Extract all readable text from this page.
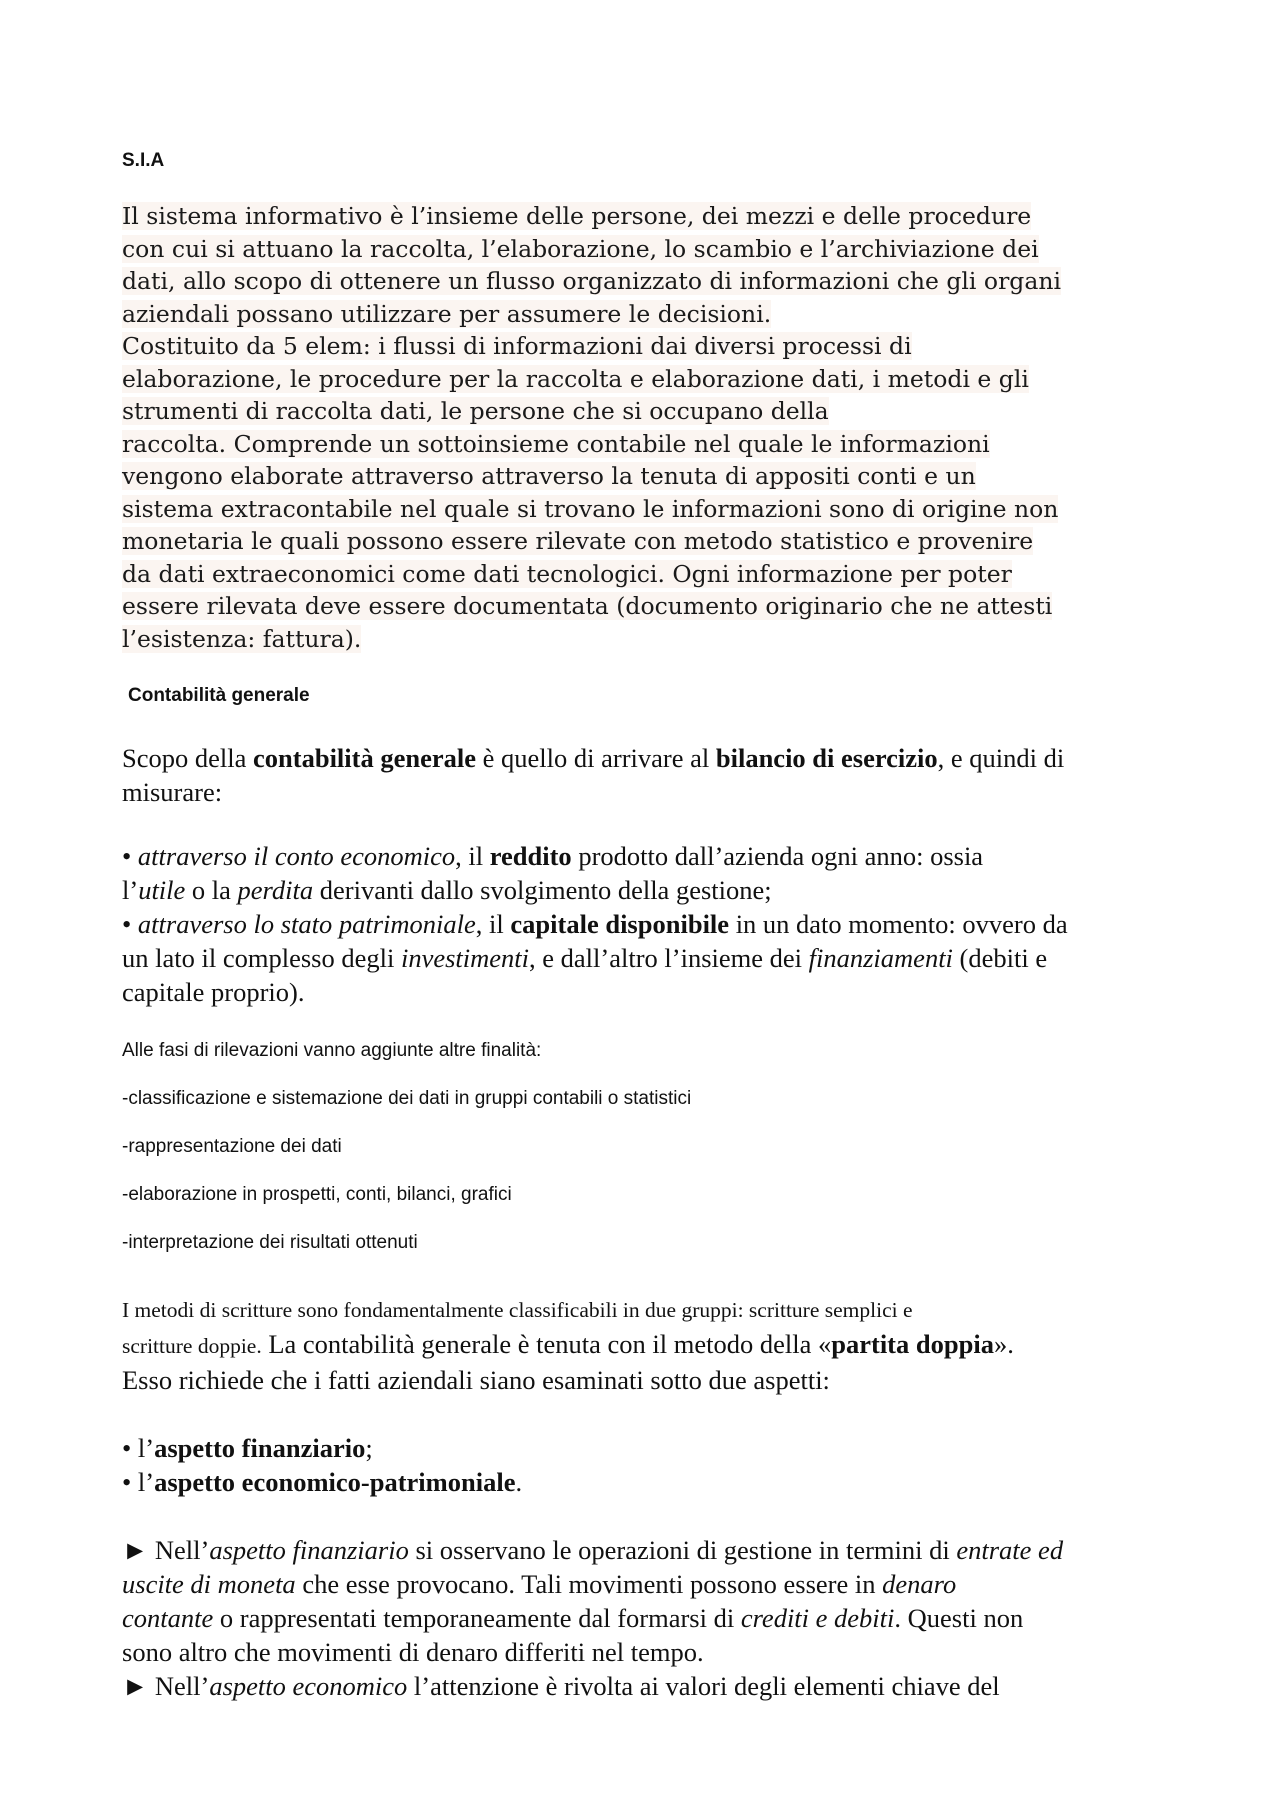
S.I.A
Il sistema informativo è l’insieme delle persone, dei mezzi e delle procedure
con cui si attuano la raccolta, l’elaborazione, lo scambio e l’archiviazione dei
dati, allo scopo di ottenere un flusso organizzato di informazioni che gli organi
aziendali possano utilizzare per assumere le decisioni.
Costituito da 5 elem: i flussi di informazioni dai diversi processi di
elaborazione, le procedure per la raccolta e elaborazione dati, i metodi e gli
strumenti di raccolta dati, le persone che si occupano della
raccolta. Comprende un sottoinsieme contabile nel quale le informazioni
vengono elaborate attraverso attraverso la tenuta di appositi conti e un
sistema extracontabile nel quale si trovano le informazioni sono di origine non
monetaria le quali possono essere rilevate con metodo statistico e provenire
da dati extraeconomici come dati tecnologici. Ogni informazione per poter
essere rilevata deve essere documentata (documento originario che ne attesti
l’esistenza: fattura).
Contabilità generale
Scopo della contabilità generale è quello di arrivare al bilancio di esercizio, e quindi di
misurare:
• attraverso il conto economico, il reddito prodotto dall’azienda ogni anno: ossia
l’utile o la perdita derivanti dallo svolgimento della gestione;
• attraverso lo stato patrimoniale, il capitale disponibile in un dato momento: ovvero da
un lato il complesso degli investimenti, e dall’altro l’insieme dei finanziamenti (debiti e
capitale proprio).
Alle fasi di rilevazioni vanno aggiunte altre finalità:
-classificazione e sistemazione dei dati in gruppi contabili o statistici
-rappresentazione dei dati
-elaborazione in prospetti, conti, bilanci, grafici
-interpretazione dei risultati ottenuti
I metodi di scritture sono fondamentalmente classificabili in due gruppi: scritture semplici e
scritture doppie. La contabilità generale è tenuta con il metodo della «partita doppia».
Esso richiede che i fatti aziendali siano esaminati sotto due aspetti:
• l’aspetto finanziario;
• l’aspetto economico-patrimoniale.
► Nell’aspetto finanziario si osservano le operazioni di gestione in termini di entrate ed
uscite di moneta che esse provocano. Tali movimenti possono essere in denaro
contante o rappresentati temporaneamente dal formarsi di crediti e debiti. Questi non
sono altro che movimenti di denaro differiti nel tempo.
► Nell’aspetto economico l’attenzione è rivolta ai valori degli elementi chiave del
